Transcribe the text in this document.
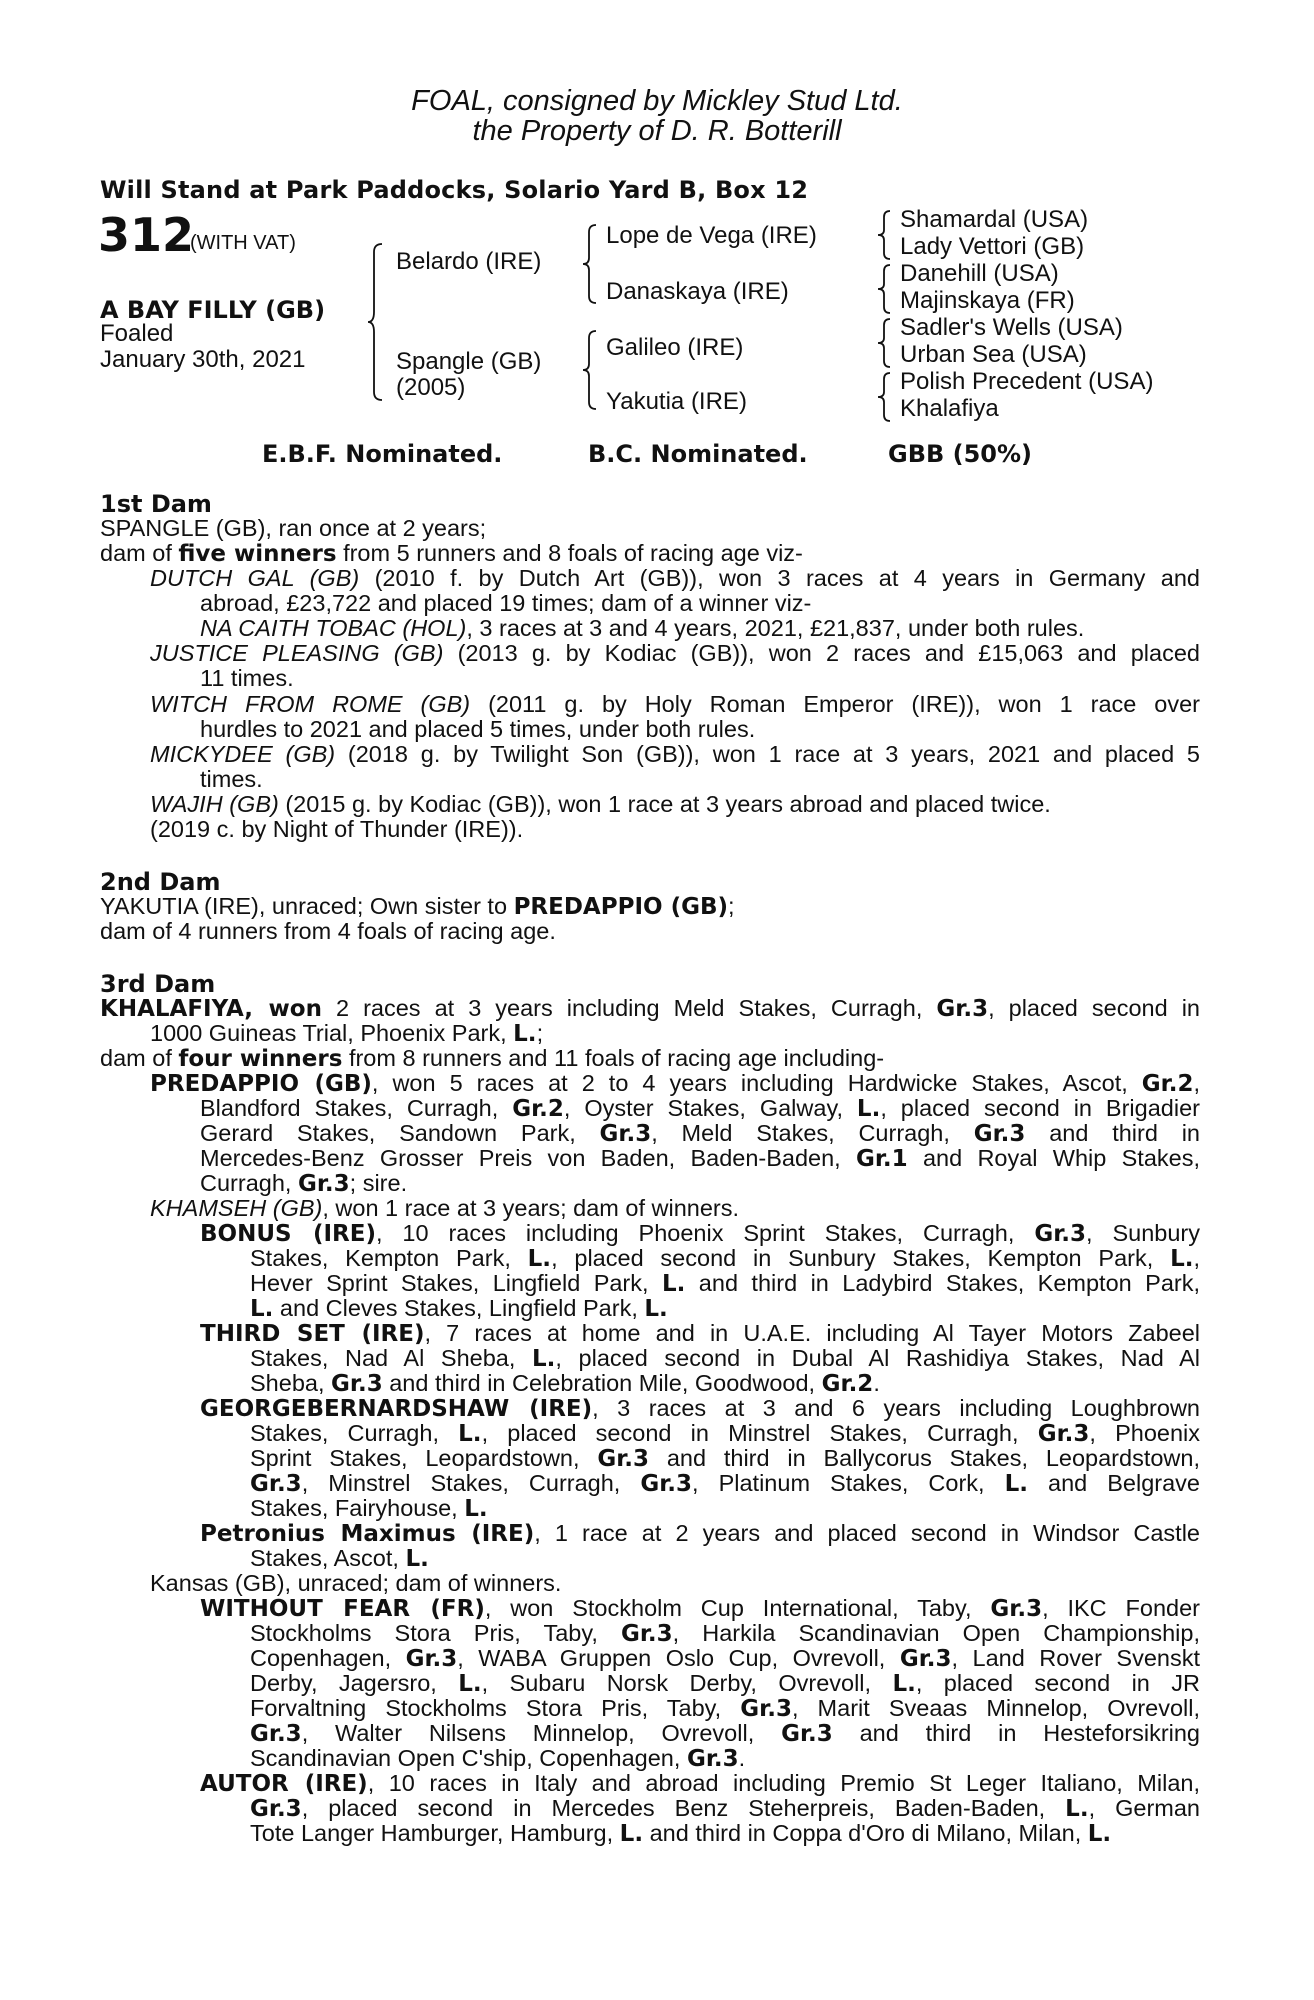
FOAL, consigned by Mickley Stud Ltd.
the Property of D. R. Botterill
Will Stand at Park Paddocks, Solario Yard B, Box 12
312
(WITH VAT)
A BAY FILLY (GB)
Foaled
January 30th, 2021
Belardo (IRE)
Spangle (GB)
(2005)
Lope de Vega (IRE)
Danaskaya (IRE)
Galileo (IRE)
Yakutia (IRE)
Shamardal (USA)
Lady Vettori (GB)
Danehill (USA)
Majinskaya (FR)
Sadler's Wells (USA)
Urban Sea (USA)
Polish Precedent (USA)
Khalafiya
E.B.F. Nominated.	B.C. Nominated.	GBB (50%)
1st Dam
SPANGLE (GB), ran once at 2 years;
dam of five winners from 5 runners and 8 foals of racing age viz-
DUTCH GAL (GB) (2010 f. by Dutch Art (GB)), won 3 races at 4 years in Germany and
abroad, £23,722 and placed 19 times; dam of a winner viz-
NA CAITH TOBAC (HOL), 3 races at 3 and 4 years, 2021, £21,837, under both rules.
JUSTICE PLEASING (GB) (2013 g. by Kodiac (GB)), won 2 races and £15,063 and placed
11 times.
WITCH FROM ROME (GB) (2011 g. by Holy Roman Emperor (IRE)), won 1 race over
hurdles to 2021 and placed 5 times, under both rules.
MICKYDEE (GB) (2018 g. by Twilight Son (GB)), won 1 race at 3 years, 2021 and placed 5
times.
WAJIH (GB) (2015 g. by Kodiac (GB)), won 1 race at 3 years abroad and placed twice.
(2019 c. by Night of Thunder (IRE)).
2nd Dam
YAKUTIA (IRE), unraced; Own sister to PREDAPPIO (GB);
dam of 4 runners from 4 foals of racing age.
3rd Dam
KHALAFIYA, won 2 races at 3 years including Meld Stakes, Curragh, Gr.3, placed second in
1000 Guineas Trial, Phoenix Park, L.;
dam of four winners from 8 runners and 11 foals of racing age including-
PREDAPPIO (GB), won 5 races at 2 to 4 years including Hardwicke Stakes, Ascot, Gr.2,
Blandford Stakes, Curragh, Gr.2, Oyster Stakes, Galway, L., placed second in Brigadier
Gerard Stakes, Sandown Park, Gr.3, Meld Stakes, Curragh, Gr.3 and third in
Mercedes-Benz Grosser Preis von Baden, Baden-Baden, Gr.1 and Royal Whip Stakes,
Curragh, Gr.3; sire.
KHAMSEH (GB), won 1 race at 3 years; dam of winners.
BONUS (IRE), 10 races including Phoenix Sprint Stakes, Curragh, Gr.3, Sunbury
Stakes, Kempton Park, L., placed second in Sunbury Stakes, Kempton Park, L.,
Hever Sprint Stakes, Lingfield Park, L. and third in Ladybird Stakes, Kempton Park,
L. and Cleves Stakes, Lingfield Park, L.
THIRD SET (IRE), 7 races at home and in U.A.E. including Al Tayer Motors Zabeel
Stakes, Nad Al Sheba, L., placed second in Dubal Al Rashidiya Stakes, Nad Al
Sheba, Gr.3 and third in Celebration Mile, Goodwood, Gr.2.
GEORGEBERNARDSHAW (IRE), 3 races at 3 and 6 years including Loughbrown
Stakes, Curragh, L., placed second in Minstrel Stakes, Curragh, Gr.3, Phoenix
Sprint Stakes, Leopardstown, Gr.3 and third in Ballycorus Stakes, Leopardstown,
Gr.3, Minstrel Stakes, Curragh, Gr.3, Platinum Stakes, Cork, L. and Belgrave
Stakes, Fairyhouse, L.
Petronius Maximus (IRE), 1 race at 2 years and placed second in Windsor Castle
Stakes, Ascot, L.
Kansas (GB), unraced; dam of winners.
WITHOUT FEAR (FR), won Stockholm Cup International, Taby, Gr.3, IKC Fonder
Stockholms Stora Pris, Taby, Gr.3, Harkila Scandinavian Open Championship,
Copenhagen, Gr.3, WABA Gruppen Oslo Cup, Ovrevoll, Gr.3, Land Rover Svenskt
Derby, Jagersro, L., Subaru Norsk Derby, Ovrevoll, L., placed second in JR
Forvaltning Stockholms Stora Pris, Taby, Gr.3, Marit Sveaas Minnelop, Ovrevoll,
Gr.3, Walter Nilsens Minnelop, Ovrevoll, Gr.3 and third in Hesteforsikring
Scandinavian Open C'ship, Copenhagen, Gr.3.
AUTOR (IRE), 10 races in Italy and abroad including Premio St Leger Italiano, Milan,
Gr.3, placed second in Mercedes Benz Steherpreis, Baden-Baden, L., German
Tote Langer Hamburger, Hamburg, L. and third in Coppa d'Oro di Milano, Milan, L.
